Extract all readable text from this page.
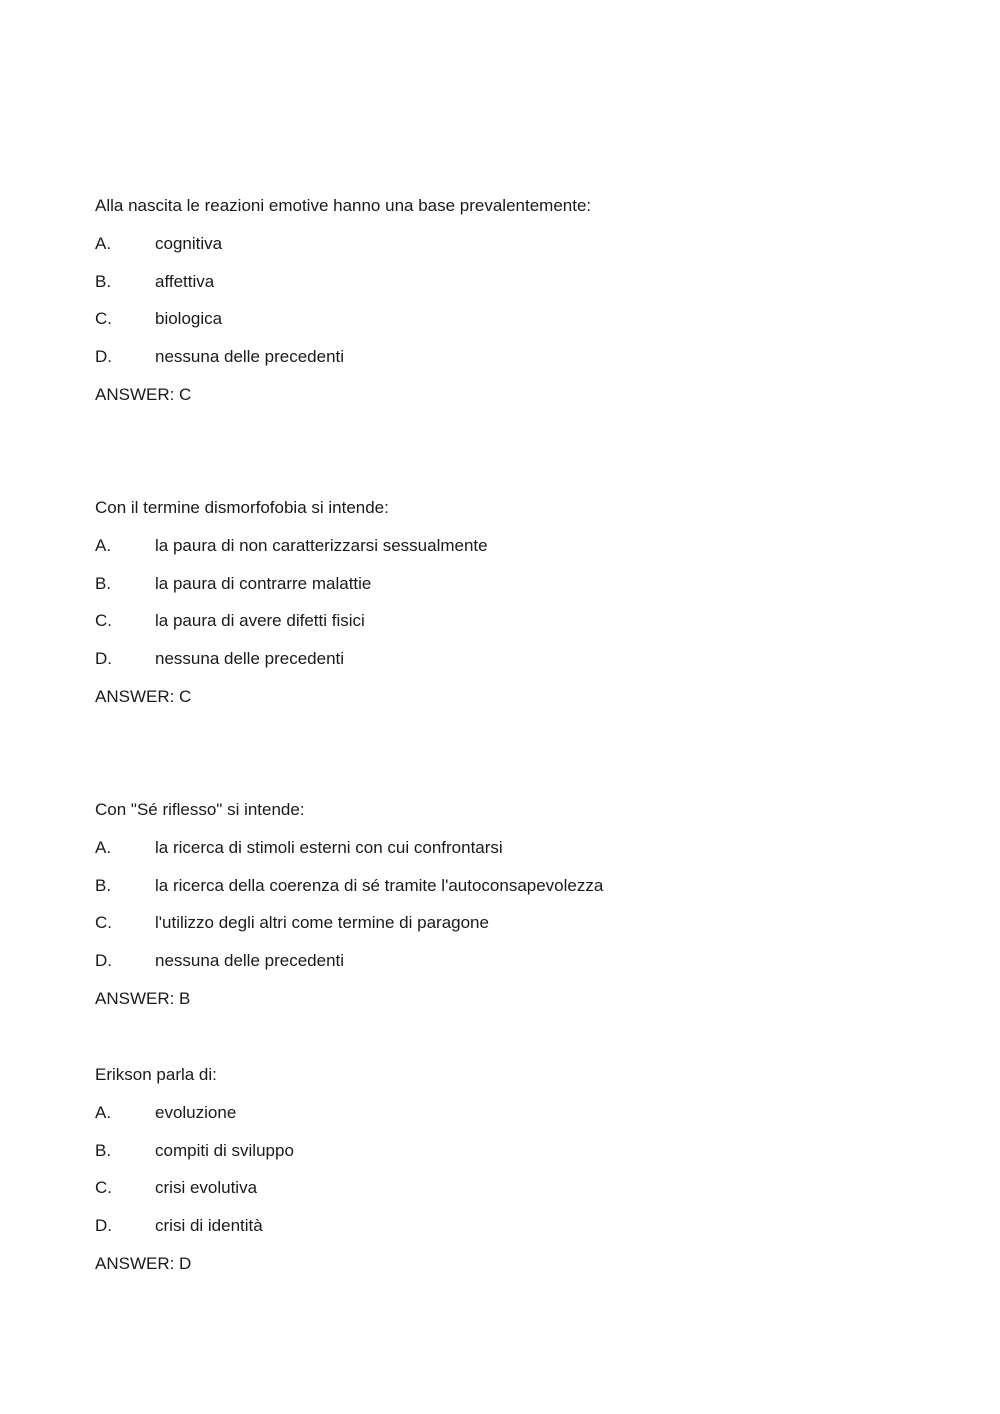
Alla nascita le reazioni emotive hanno una base prevalentemente:
A.	cognitiva
B.	affettiva
C.	biologica
D.	nessuna delle precedenti
ANSWER: C
Con il termine dismorfofobia si intende:
A.	la paura di non caratterizzarsi sessualmente
B.	la paura di contrarre malattie
C.	la paura di avere difetti fisici
D.	nessuna delle precedenti
ANSWER: C
Con "Sé riflesso" si intende:
A.	la ricerca di stimoli esterni con cui confrontarsi
B.	la ricerca della coerenza di sé tramite l'autoconsapevolezza
C.	l'utilizzo degli altri come termine di paragone
D.	nessuna delle precedenti
ANSWER: B
Erikson parla di:
A.	evoluzione
B.	compiti di sviluppo
C.	crisi evolutiva
D.	crisi di identità
ANSWER: D
